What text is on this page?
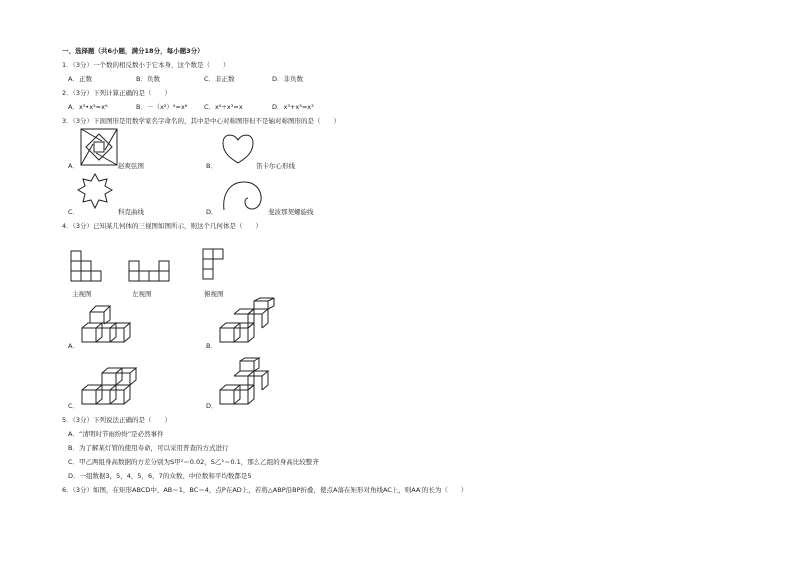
一、选择题（共6小题，满分18分，每小题3分）
1．（3分）一个数的相反数小于它本身，这个数是（　　）
A．正数	B．负数	C．非正数	D．非负数
2．（3分）下列计算正确的是（　　）
A．x³•x²=x⁶	B．－（x²）⁴=x⁶	C．x⁶÷x³=x	D．x³+x³=x³
3．（3分）下面图形是用数学家名字命名的，其中是中心对称图形但不是轴对称图形的是（　　）
A．	赵爽弦图	B．	笛卡尔心形线
C．	科克曲线	D．	斐波那契螺旋线
4．（3分）已知某几何体的三视图如图所示，则这个几何体是（　　）
主视图	左视图	俯视图
A．	B．
C．	D．
5．（3分）下列说法正确的是（　　）
A．“清明时节雨纷纷”是必然事件
B．为了解某灯管的使用寿命，可以采用普查的方式进行
C．甲乙两组身高数据的方差分别为S甲²＝0.02，S乙²＝0.1，那么乙组的身高比较整齐
D．一组数据3，5，4，5，6，7的众数、中位数和平均数都是5
6．（3分）如图，在矩形ABCD中，AB＝1，BC＝4，点P在AD上，若将△ABP沿BP折叠，使点A落在矩形对角线AC上，则AA′的长为（　　）
